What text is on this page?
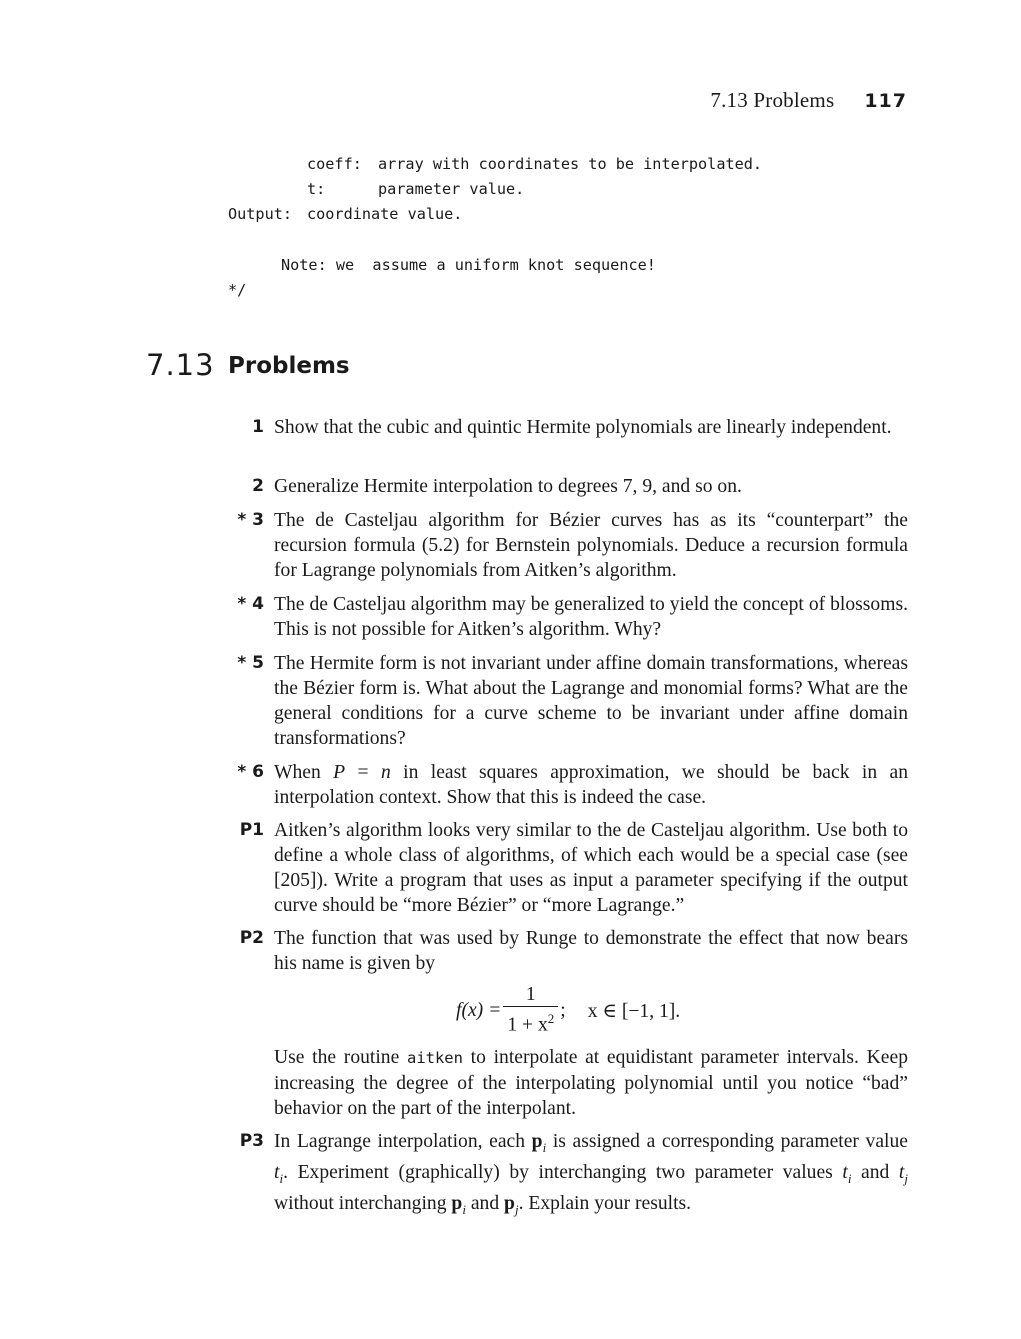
7.13 Problems 117
coeff: array with coordinates to be interpolated.
t:	parameter value.
Output: coordinate value.
Note: we  assume a uniform knot sequence!
*/
7.13 Problems
1 Show that the cubic and quintic Hermite polynomials are linearly independent.
2 Generalize Hermite interpolation to degrees 7, 9, and so on.
* 3 The de Casteljau algorithm for Bézier curves has as its “counterpart” the recursion formula (5.2) for Bernstein polynomials. Deduce a recursion formula for Lagrange polynomials from Aitken’s algorithm.
* 4 The de Casteljau algorithm may be generalized to yield the concept of blossoms. This is not possible for Aitken’s algorithm. Why?
* 5 The Hermite form is not invariant under affine domain transformations, whereas the Bézier form is. What about the Lagrange and monomial forms? What are the general conditions for a curve scheme to be invariant under affine domain transformations?
* 6 When P = n in least squares approximation, we should be back in an interpolation context. Show that this is indeed the case.
P1 Aitken’s algorithm looks very similar to the de Casteljau algorithm. Use both to define a whole class of algorithms, of which each would be a special case (see [205]). Write a program that uses as input a parameter specifying if the output curve should be “more Bézier” or “more Lagrange.”
P2 The function that was used by Runge to demonstrate the effect that now bears his name is given by
$f(x) = \frac{1}{1 + x^2}$ ; x ∈ [−1, 1].
Use the routine aitken to interpolate at equidistant parameter intervals. Keep increasing the degree of the interpolating polynomial until you notice “bad” behavior on the part of the interpolant.
P3 In Lagrange interpolation, each $p_i$ is assigned a corresponding parameter value $t_i$. Experiment (graphically) by interchanging two parameter values $t_i$ and $t_j$ without interchanging $p_i$ and $p_j$. Explain your results.
